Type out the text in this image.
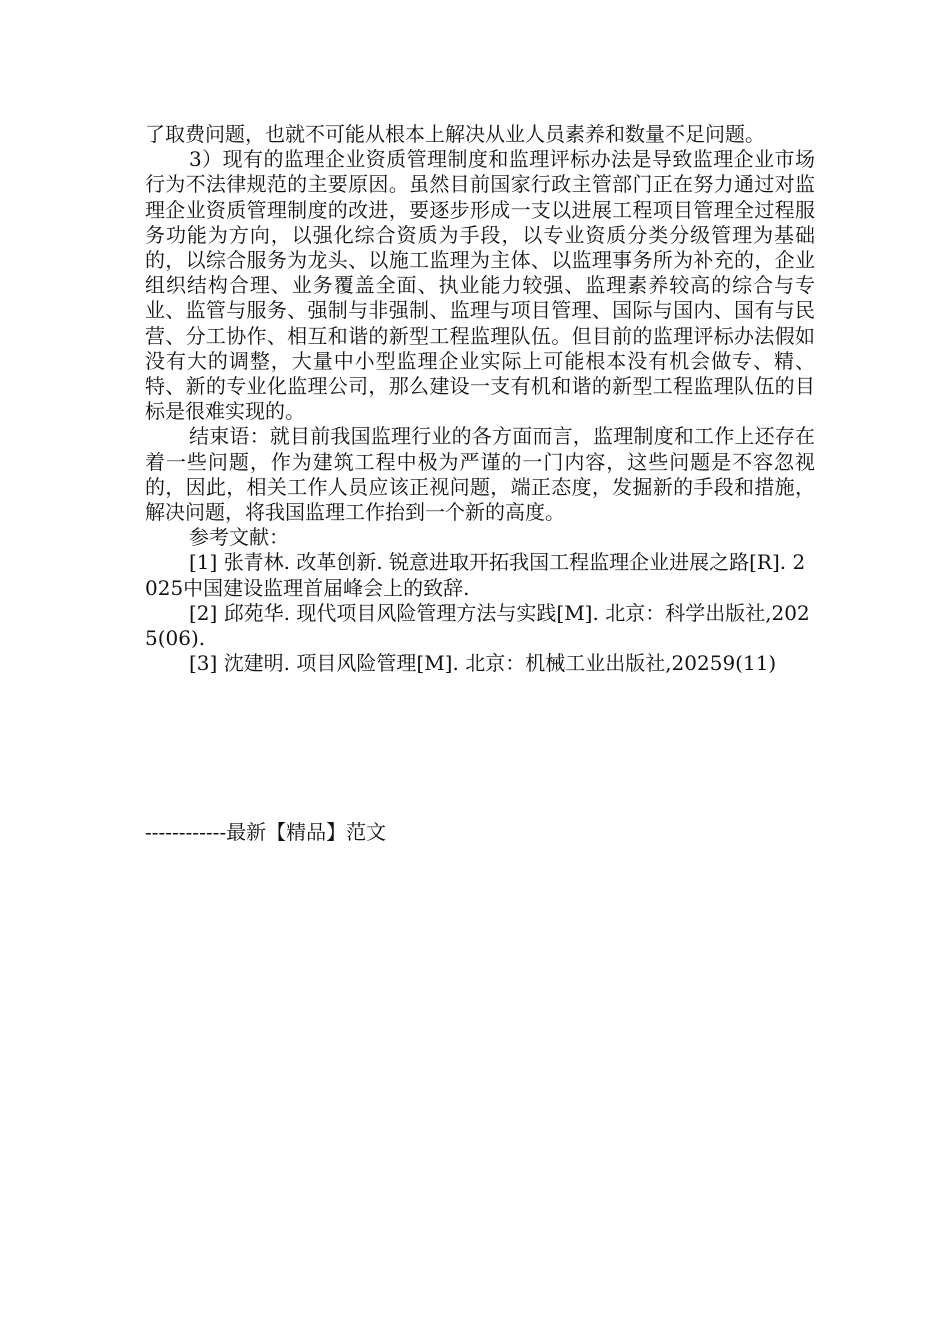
了取费问题，也就不可能从根本上解决从业人员素养和数量不足问题。

3）现有的监理企业资质管理制度和监理评标办法是导致监理企业市场行为不法律规范的主要原因。虽然目前国家行政主管部门正在努力通过对监理企业资质管理制度的改进，要逐步形成一支以进展工程项目管理全过程服务功能为方向，以强化综合资质为手段，以专业资质分类分级管理为基础的，以综合服务为龙头、以施工监理为主体、以监理事务所为补充的，企业组织结构合理、业务覆盖全面、执业能力较强、监理素养较高的综合与专业、监管与服务、强制与非强制、监理与项目管理、国际与国内、国有与民营、分工协作、相互和谐的新型工程监理队伍。但目前的监理评标办法假如没有大的调整，大量中小型监理企业实际上可能根本没有机会做专、精、特、新的专业化监理公司，那么建设一支有机和谐的新型工程监理队伍的目标是很难实现的。

结束语：就目前我国监理行业的各方面而言，监理制度和工作上还存在着一些问题，作为建筑工程中极为严谨的一门内容，这些问题是不容忽视的，因此，相关工作人员应该正视问题，端正态度，发掘新的手段和措施，解决问题，将我国监理工作抬到一个新的高度。

参考文献：

[1] 张青林. 改革创新. 锐意进取开拓我国工程监理企业进展之路[R]. 2025中国建设监理首届峰会上的致辞.

[2] 邱苑华. 现代项目风险管理方法与实践[M]. 北京：科学出版社,2025(06).

[3] 沈建明. 项目风险管理[M]. 北京：机械工业出版社,20259(11)

------------最新【精品】范文
